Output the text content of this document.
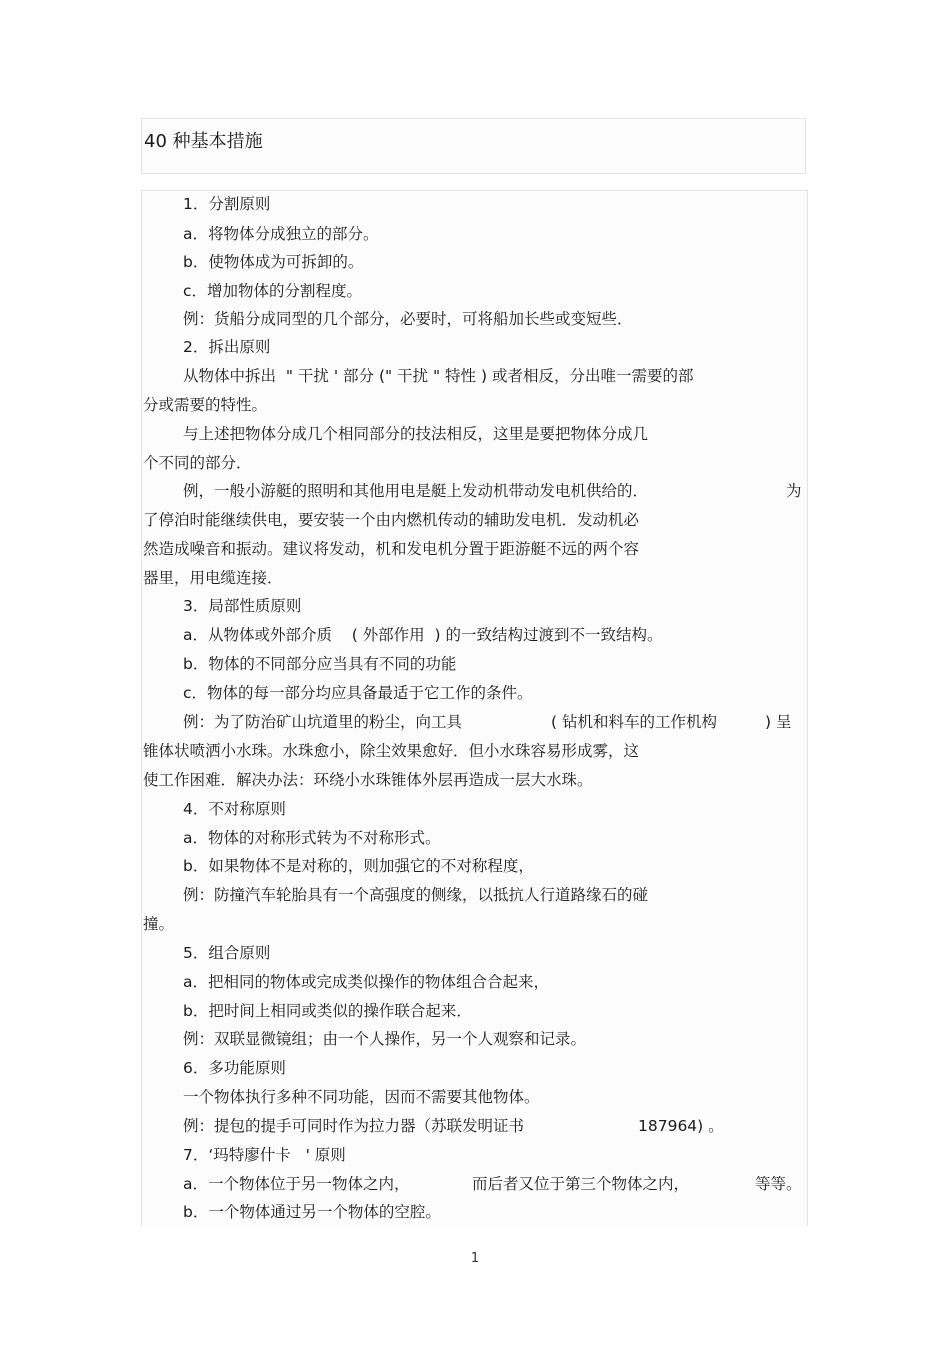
40 种基本措施
1．分割原则
a．将物体分成独立的部分。
b．使物体成为可拆卸的。
c．增加物体的分割程度。
例：货船分成同型的几个部分，必要时，可将船加长些或变短些．
2．拆出原则
从物体中拆出  " 干扰 ' 部分 (" 干扰 " 特性 ) 或者相反，分出唯一需要的部
分或需要的特性。
与上述把物体分成几个相同部分的技法相反，这里是要把物体分成几
个不同的部分．
例，一般小游艇的照明和其他用电是艇上发动机带动发电机供给的．	为
了停泊时能继续供电，要安装一个由内燃机传动的辅助发电机．发动机必
然造成噪音和振动。建议将发动，机和发电机分置于距游艇不远的两个容
器里，用电缆连接．
3．局部性质原则
a．从物体或外部介质    ( 外部作用  ) 的一致结构过渡到不一致结构。
b．物体的不同部分应当具有不同的功能
c．物体的每一部分均应具备最适于它工作的条件。
例：为了防治矿山坑道里的粉尘，向工具	( 钻机和料车的工作机构	) 呈
锥体状喷洒小水珠。水珠愈小，除尘效果愈好．但小水珠容易形成雾，这
使工作困难．解决办法：环绕小水珠锥体外层再造成一层大水珠。
4．不对称原则
a．物体的对称形式转为不对称形式。
b．如果物体不是对称的，则加强它的不对称程度，
例：防撞汽车轮胎具有一个高强度的侧缘，以抵抗人行道路缘石的碰
撞。
5．组合原则
a．把相同的物体或完成类似操作的物体组合合起来，
b．把时间上相同或类似的操作联合起来．
例：双联显微镜组；由一个人操作，另一个人观察和记录。
6．多功能原则
一个物体执行多种不同功能，因而不需要其他物体。
例：提包的提手可同时作为拉力器（苏联发明证书	187964) 。
7．‘玛特廖什卡   ' 原则
a．一个物体位于另一物体之内，	而后者又位于第三个物体之内，	等等。
b．一个物体通过另一个物体的空腔。
1
